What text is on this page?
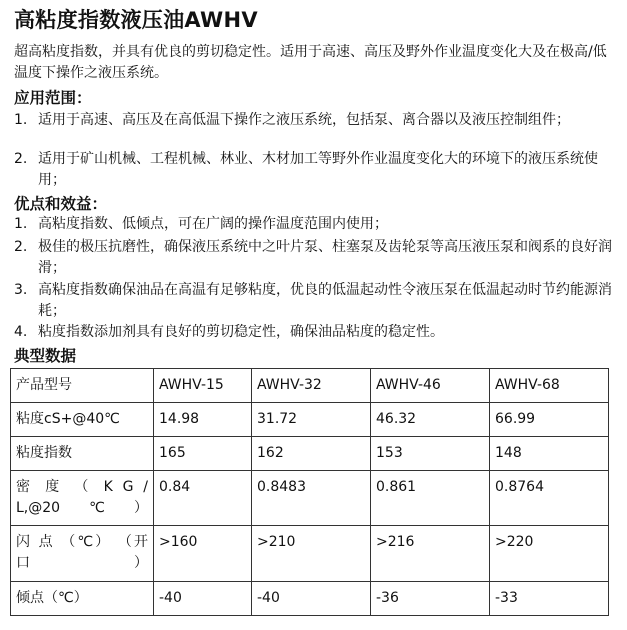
高粘度指数液压油AWHV
超高粘度指数，并具有优良的剪切稳定性。适用于高速、高压及野外作业温度变化大及在极高/低温度下操作之液压系统。
应用范围：
1. 适用于高速、高压及在高低温下操作之液压系统，包括泵、离合器以及液压控制组件；
2. 适用于矿山机械、工程机械、林业、木材加工等野外作业温度变化大的环境下的液压系统使用；
优点和效益：
1. 高粘度指数、低倾点，可在广阔的操作温度范围内使用；
2. 极佳的极压抗磨性，确保液压系统中之叶片泵、柱塞泵及齿轮泵等高压液压泵和阀系的良好润滑；
3. 高粘度指数确保油品在高温有足够粘度，优良的低温起动性令液压泵在低温起动时节约能源消耗；
4. 粘度指数添加剂具有良好的剪切稳定性，确保油品粘度的稳定性。
典型数据
产品型号	AWHV-15	AWHV-32	AWHV-46	AWHV-68
粘度cS+@40℃	14.98	31.72	46.32	66.99
粘度指数	165	162	153	148
密 度 （ K G / L,@20℃）	0.84	0.8483	0.861	0.8764
闪 点 （℃） （开口）	>160	>210	>216	>220
倾点（℃）	-40	-40	-36	-33
